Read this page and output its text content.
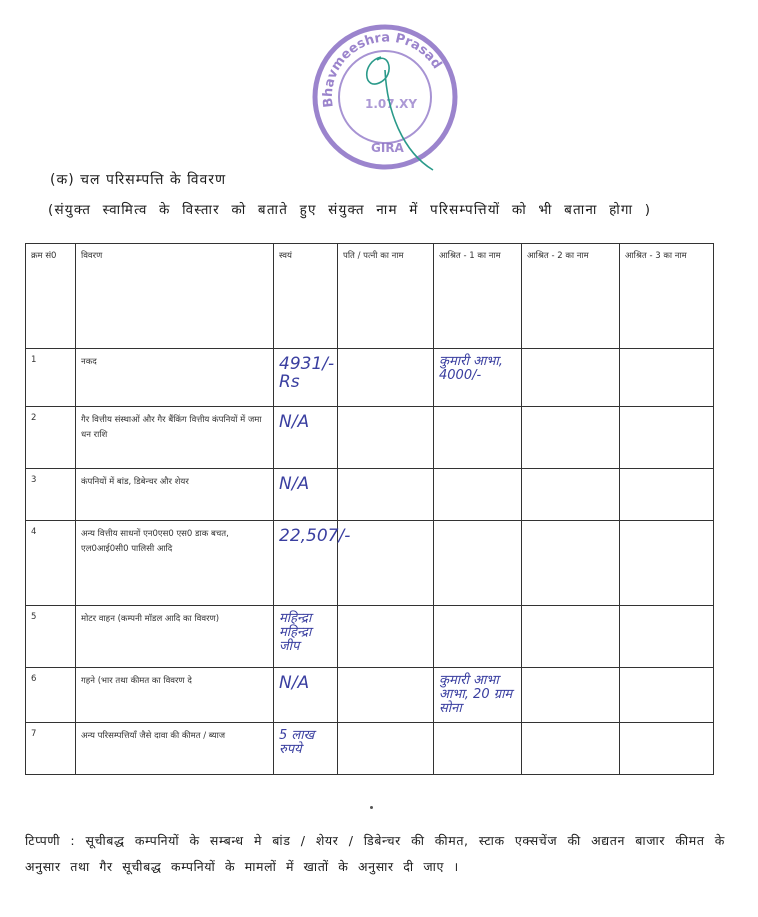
Bhavmeeshra Prasad
1.07.XY
GIRA
(क) चल परिसम्पत्ति के विवरण
(संयुक्त स्वामित्व के विस्तार को बताते हुए संयुक्त नाम में परिसम्पत्तियों को भी बताना होगा )
क्रम सं0	विवरण	स्वयं	पति / पत्नी का नाम	आश्रित - 1 का नाम	आश्रित - 2 का नाम	आश्रित - 3 का नाम
1	नकद	4931/- Rs		कुमारी आभा, 4000/-		

2	गैर वित्तीय संस्थाओं और गैर बैंकिंग वित्तीय कंपनियों में जमा धन राशि	N/A				

3	कंपनियों में बांड, डिबेन्चर और शेयर	N/A				

4	अन्य वित्तीय साधनों एन0एस0 एस0 डाक बचत, एल0आई0सी0 पालिसी आदि	22,507/-				

5	मोटर वाहन (कम्पनी मॉडल आदि का विवरण)	महिन्द्रा महिन्द्रा जीप				

6	गहने (भार तथा कीमत का विवरण दे	N/A		कुमारी आभा आभा, 20 ग्राम सोना		

7	अन्य परिसम्पत्तियाँ जैसे दावा की कीमत / ब्याज	5 लाख रुपये				

टिप्पणी : सूचीबद्ध कम्पनियों के सम्बन्ध मे बांड / शेयर / डिबेन्चर की कीमत, स्टाक एक्सचेंज की अद्यतन बाजार कीमत के अनुसार तथा गैर सूचीबद्ध कम्पनियों के मामलों में खातों के अनुसार दी जाए ।
